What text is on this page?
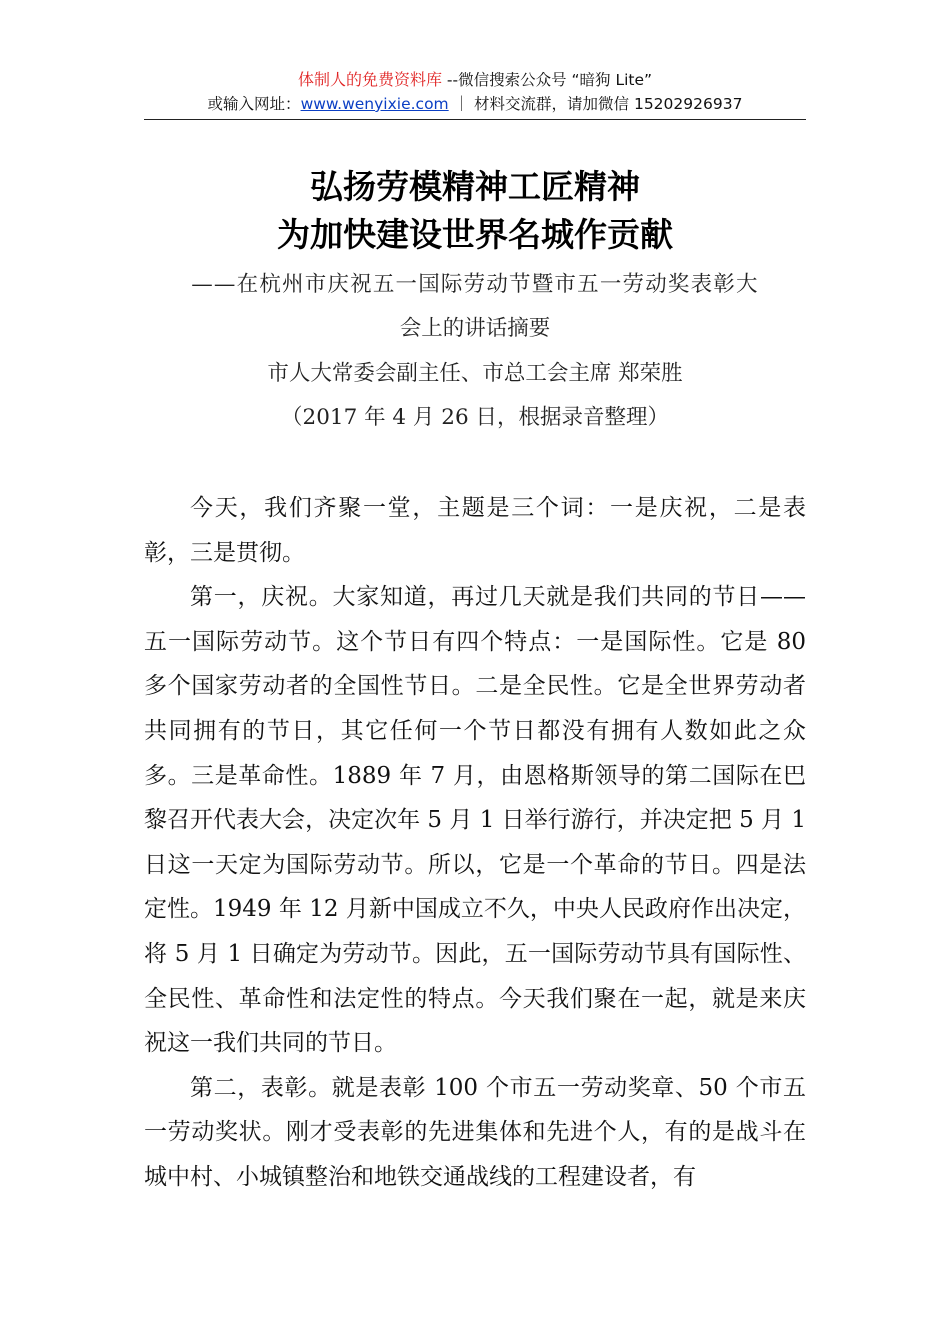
体制人的免费资料库 --微信搜索公众号 “暗狗 Lite”
或输入网址：www.wenyixie.com ｜ 材料交流群，请加微信 15202926937
弘扬劳模精神工匠精神
为加快建设世界名城作贡献
——在杭州市庆祝五一国际劳动节暨市五一劳动奖表彰大
会上的讲话摘要
市人大常委会副主任、市总工会主席 郑荣胜
（2017 年 4 月 26 日，根据录音整理）

今天，我们齐聚一堂，主题是三个词：一是庆祝，二是表彰，三是贯彻。

第一，庆祝。大家知道，再过几天就是我们共同的节日——五一国际劳动节。这个节日有四个特点：一是国际性。它是 80 多个国家劳动者的全国性节日。二是全民性。它是全世界劳动者共同拥有的节日，其它任何一个节日都没有拥有人数如此之众多。三是革命性。1889 年 7 月，由恩格斯领导的第二国际在巴黎召开代表大会，决定次年 5 月 1 日举行游行，并决定把 5 月 1 日这一天定为国际劳动节。所以，它是一个革命的节日。四是法定性。1949 年 12 月新中国成立不久，中央人民政府作出决定，将 5 月 1 日确定为劳动节。因此，五一国际劳动节具有国际性、全民性、革命性和法定性的特点。今天我们聚在一起，就是来庆祝这一我们共同的节日。

第二，表彰。就是表彰 100 个市五一劳动奖章、50 个市五一劳动奖状。刚才受表彰的先进集体和先进个人，有的是战斗在城中村、小城镇整治和地铁交通战线的工程建设者，有
